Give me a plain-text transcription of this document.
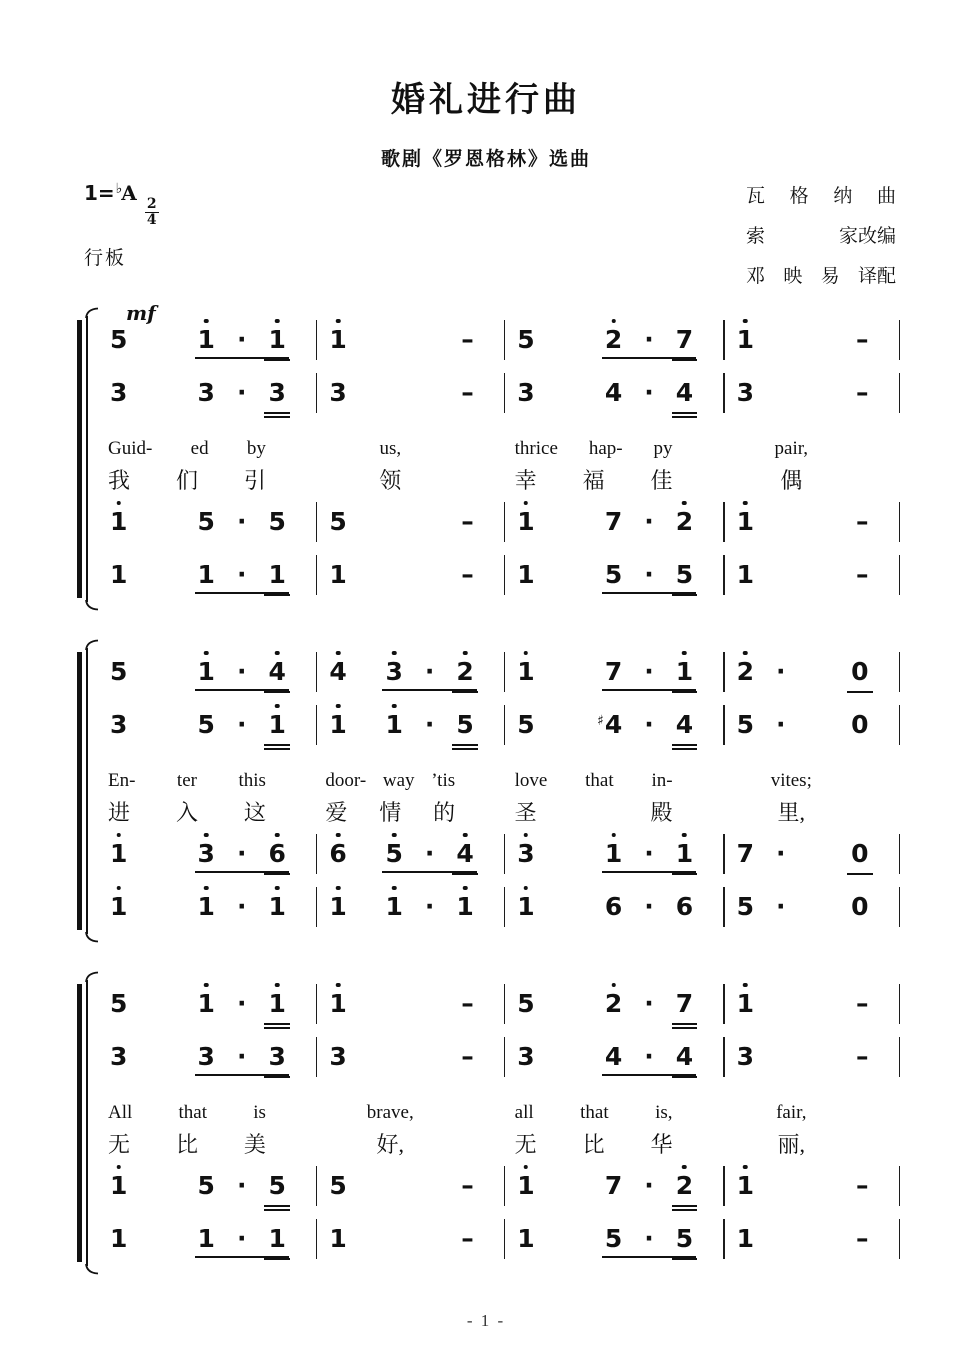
婚礼进行曲
歌剧《罗恩格林》选曲
1=♭A
$\frac{2}{4}$
行板
瓦 格 纳 曲
索	家改编
邓 映 易 译配
mf
5	1 · 1 1	– 5	2 · 7 1	–
3	3 · 3 3	– 3	4 · 4 3	–
Guid- ed by	us,	thrice hap- py	pair,
我 们 引	领	幸 福 佳	偶
1	5 · 5 5	– 1	7 · 2 1	–
1	1 · 1 1	– 1	5 · 5 1	–
5	1 · 4 4 3 · 2 1	7 · 1 2 ·	0
3	5 · 1 1 1 · 5 5	♯4 · 4 5 ·	0
En- ter this	door- way ’tis	love that in-	vites;
进 入 这	爱 情 的	圣	殿	里,
1	3 · 6 6 5 · 4 3	1 · 1 7 ·	0
1	1 · 1 1 1 · 1 1	6 · 6 5 ·	0
5	1 · 1 1	– 5	2 · 7 1	–
3	3 · 3 3	– 3	4 · 4 3	–
All that is	brave,	all that is,	fair,
无 比 美	好,	无 比 华	丽,
1	5 · 5 5	– 1	7 · 2 1	–
1	1 · 1 1	– 1	5 · 5 1	–
- 1 -
